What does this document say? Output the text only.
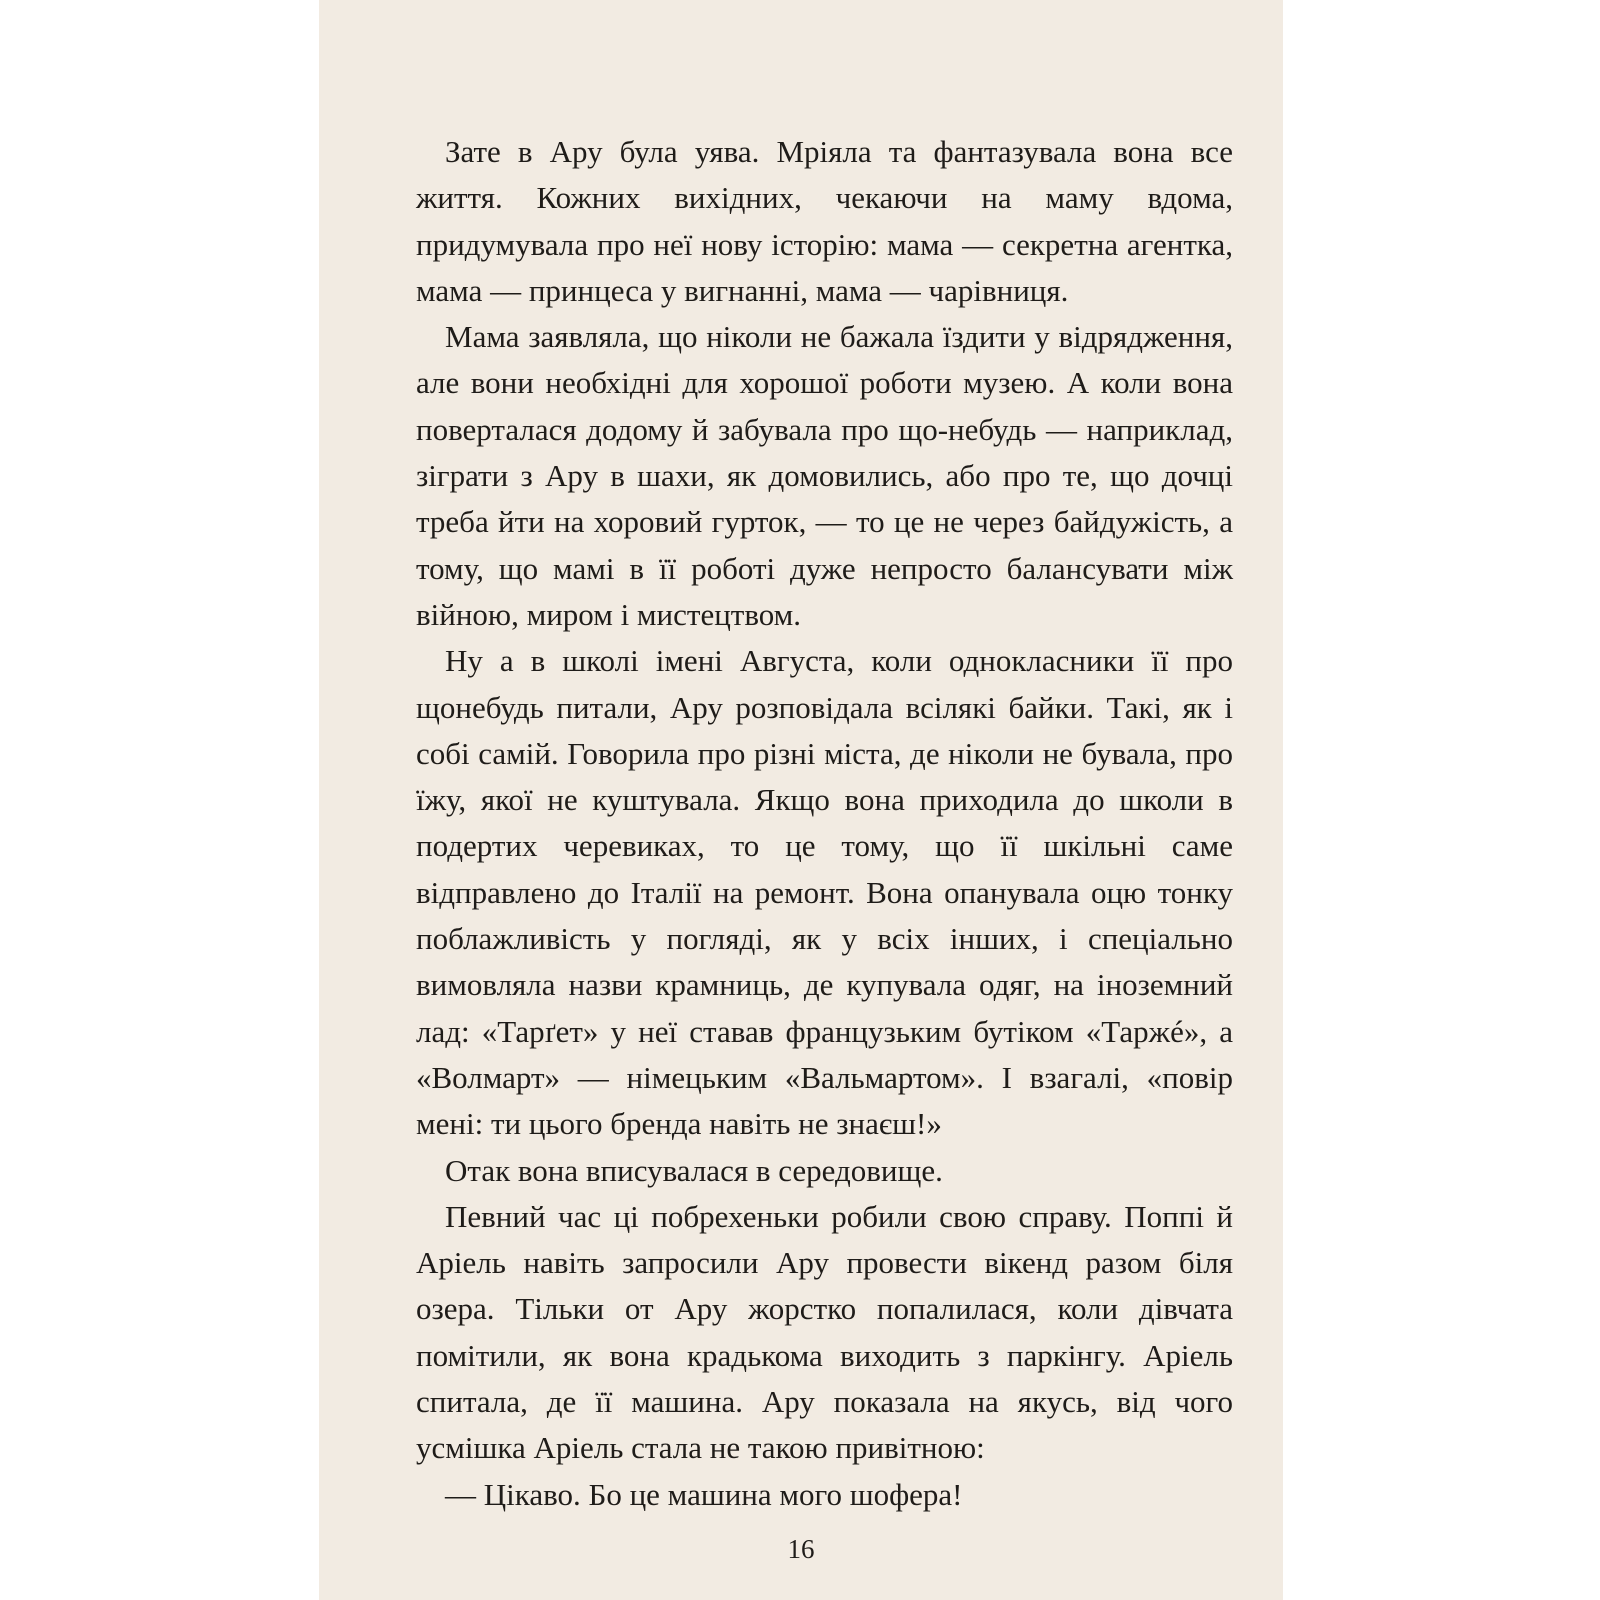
Зате в Ару була уява. Мріяла та фантазувала вона все життя. Кожних вихідних, чекаючи на маму вдома, придумувала про неї нову історію: мама — секретна агентка, мама — принцеса у вигнанні, мама — чарівниця.

Мама заявляла, що ніколи не бажала їздити у відрядження, але вони необхідні для хорошої роботи музею. А коли вона поверталася додому й забувала про що-небудь — наприклад, зіграти з Ару в шахи, як домовились, або про те, що дочці треба йти на хоровий гурток, — то це не через байдужість, а тому, що мамі в її роботі дуже непросто балансувати між війною, миром і мистецтвом.

Ну а в школі імені Августа, коли однокласники її про щонебудь питали, Ару розповідала всілякі байки. Такі, як і собі самій. Говорила про різні міста, де ніколи не бувала, про їжу, якої не куштувала. Якщо вона приходила до школи в подертих черевиках, то це тому, що її шкільні саме відправлено до Італії на ремонт. Вона опанувала оцю тонку поблажливість у погляді, як у всіх інших, і спеціально вимовляла назви крамниць, де купувала одяг, на іноземний лад: «Тарґет» у неї ставав французьким бутіком «Таржé», а «Волмарт» — німецьким «Вальмартом». І взагалі, «повір мені: ти цього бренда навіть не знаєш!»

Отак вона вписувалася в середовище.

Певний час ці побрехеньки робили свою справу. Поппі й Аріель навіть запросили Ару провести вікенд разом біля озера. Тільки от Ару жорстко попалилася, коли дівчата помітили, як вона крадькома виходить з паркінгу. Аріель спитала, де її машина. Ару показала на якусь, від чого усмішка Аріель стала не такою привітною:

— Цікаво. Бо це машина мого шофера!

16
